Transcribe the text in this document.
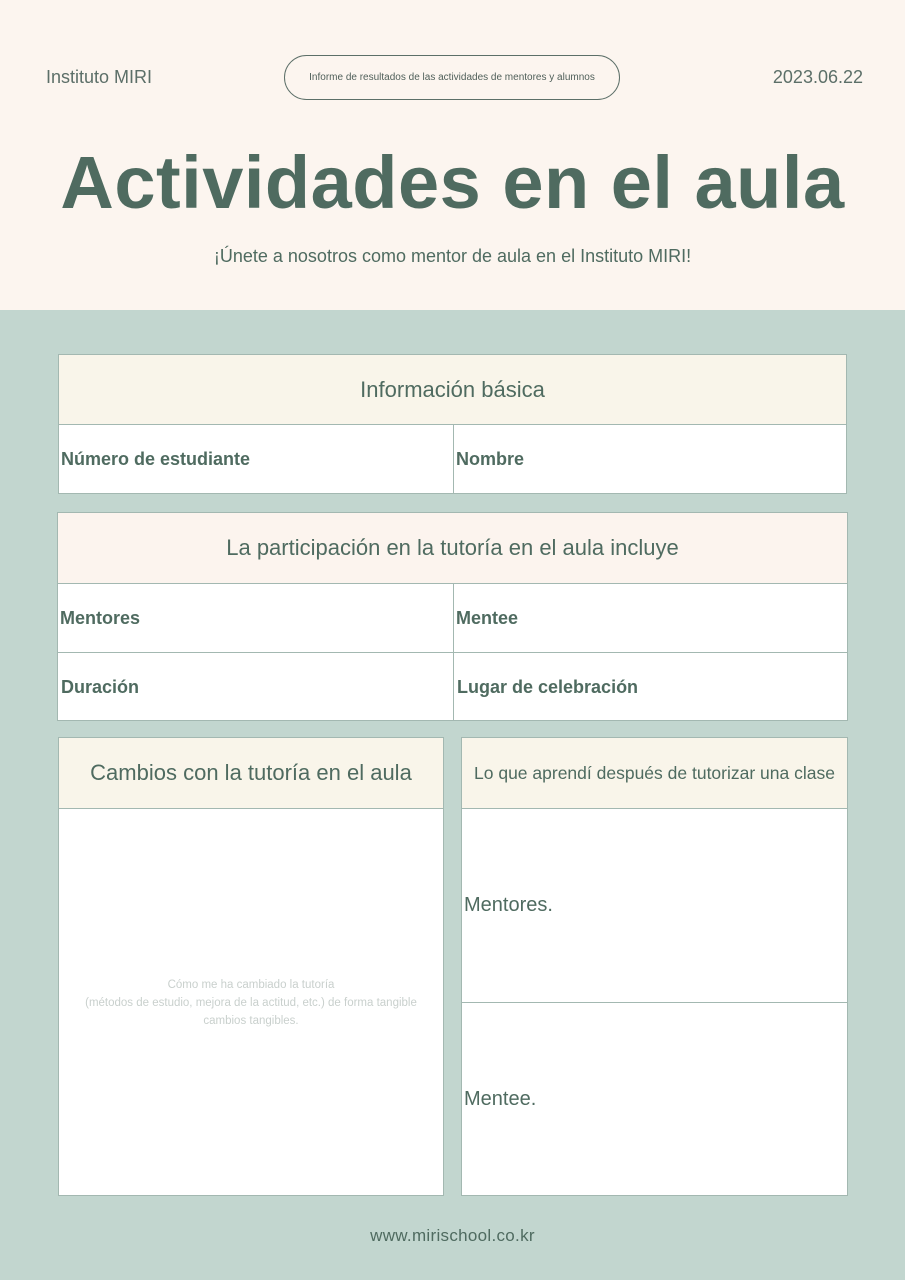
Instituto MIRI	Informe de resultados de las actividades de mentores y alumnos	2023.06.22
Actividades en el aula
¡Únete a nosotros como mentor de aula en el Instituto MIRI!
Información básica
Número de estudiante	Nombre
La participación en la tutoría en el aula incluye
Mentores	Mentee
Duración	Lugar de celebración
Cambios con la tutoría en el aula
Cómo me ha cambiado la tutoría
(métodos de estudio, mejora de la actitud, etc.) de forma tangible
cambios tangibles.
Lo que aprendí después de tutorizar una clase
Mentores.
Mentee.
www.mirischool.co.kr
